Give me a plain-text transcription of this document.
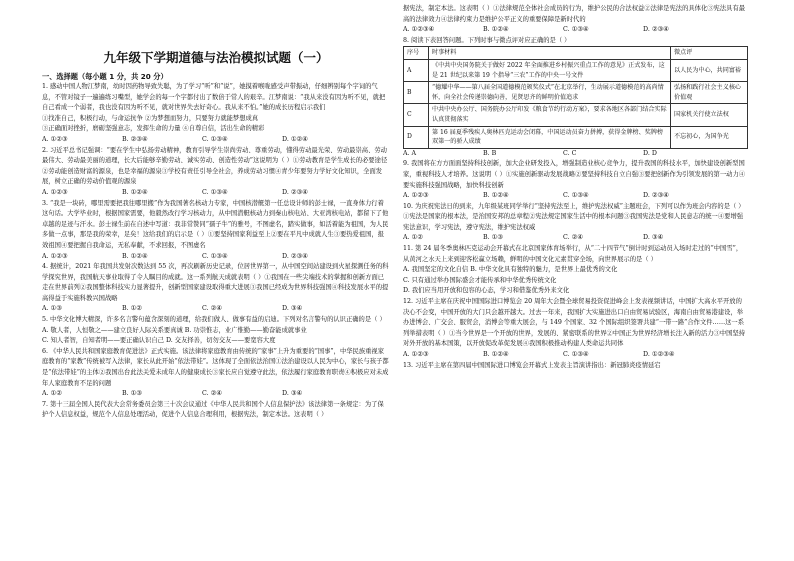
九年级下学期道德与法治模拟试题（一）
一、选择题（每小题 1 分，共 20 分）

1. 感动中国人物江梦南，幼时因药物导致失聪，为了学习“听”和“说”，她摸着喉咙感受声带振动，仔细辨别每个字词的气息，不管对镜子一遍遍练习嘴型，她学会的每一个字都付出了数倍于常人的艰辛。江梦南说：“我从来没有因为听不见，就把自己看成一个弱者，我也没有因为听不见，就对世界失去好奇心。我从来不怕。”她的成长历程启示我们

①找准自己，积极行动，与命运抗争 ②为梦想而努力，只要努力就能梦想成真

③正确面对挫折，磨砺坚强意志，发挥生命的力量 ④自尊自信，活出生命的精彩

A. ①②③	B. ②③④	C. ①③④	D. ①②④

2. 习近平总书记强调：“要在学生中弘扬劳动精神，教育引导学生崇尚劳动、尊重劳动，懂得劳动最光荣、劳动最崇高、劳动最伟大、劳动最美丽的道理，长大后能够辛勤劳动、诚实劳动、创造性劳动”这说明为（ ）①劳动教育是学生成长的必要途径②劳动能创造财富的源泉，也是幸福的源泉③学校有责任引导全社会，养成劳动习惯④青少年要努力学好文化知识，全面发展，树立正确的劳动价值观的源泉

A. ①②③	B. ①②④	C. ①③④	D. ②③④

3. “我是一块砖，哪里需要把我往哪里搬”作为我国著名核动力专家，中国核潜艇第一任总设计师的彭士禄，一直身体力行着这句话。大学毕业时，根据国家需要，他毅然改行学习核动力，从中国潜艇核动力到秦山核电站、大亚湾核电站，都留下了他卓越的足迹与汗水。彭士禄生前在自述中写道：我非常赞同“孺子牛”的雅号，不图虚名，踏实做事，如活着能为祖国，为人民多做一点事，那是我的荣幸，足矣！这给我们的启示是（ ）①要坚持国家利益至上②要在平凡中成就人生③要热爱祖国，报效祖国④要把握自我命运，无私奉献，不求回报，不图虚名

A. ①②③	B. ①②④	C. ①③④	D. ②③④

4. 据统计，2021 年我国共发射次数达到 55 次，再次刷新历史记录，位居世界第一，从中国空间站建设到火星探测任务的科学探究世界，我国航天事业取得了令人瞩目的成就。这一系列航天成就表明（ ）①我国在一些尖端技术的掌握和创新方面已走在世界前列②我国整体科技实力显著提升，创新型国家建设取得重大进展③我国已经成为世界科技强国④科技发展水平的提高得益于实施科教兴国战略

A. ①③	B. ①②	C. ②④	D. ③④

5. 中华文化博大精深，许多名言警句蕴含深刻的道理，给我们做人、做事有益的启迪。下列对名言警句的认识正确的是（ ）

A. 敬人者，人恒敬之——建立良好人际关系要真诚 B. 功崇惟志，业广惟勤——勤奋能成就事业

C. 知人者智，自知者明——要正确认识自己 D. 交友择善，切勿交友——要宽容大度

6. 《中华人民共和国家庭教育促进法》正式实施。该法律将家庭教育由传统的“家事”上升为重要的“国事”，中华民族重视家庭教育的“家教”传统被写入法律，家长从此开始“依法带娃”。这体现了全面依法治国①法治建设以人民为中心，家长与孩子都是“依法带娃”的主体②我国出台此法关爱未成年人的健康成长③家长应自觉遵守此法，依法履行家庭教育职责④积极应对未成年人家庭教育不足的问题

A. ①②	B. ①③	C. ②④	D. ③④

7. 第十三届全国人民代表大会常务委员会第三十次会议通过《中华人民共和国个人信息保护法》该法律第一条规定：为了保护个人信息权益，规范个人信息处理活动，促进个人信息合理利用，根据宪法，制定本法。这表明（ ）

据宪法，制定本法。这表明（ ）①法律规范全体社会成员的行为，维护公民的合法权益②法律是宪法的具体化③宪法具有最高的法律效力④法律约束力是维护公平正义的重要保障是新时代的

A. ①②③④	B. ①②④	C. ①③④	D. ②③④

8. 阅读下表回答问题。下列时事与微点评对应正确的是（ ）

序号	时事材料	微点评
A	《中共中央国务院关于做好 2022 年全面推进乡村振兴重点工作的意见》正式发布，这是 21 世纪以来第 19 个指导“三农”工作的中央一号文件	以人民为中心，共同富裕
B	“德耀中华——第八届全国道德模范颁奖仪式”在北京举行，生动展示道德模范的高尚情怀，向全社会传递崇德向善，见贤思齐的鲜明价值追求	弘扬和践行社会主义核心价值观
C	中共中央办公厅、国务院办公厅印发《粮食节约行动方案》，要求各地区各部门结合实际认真贯彻落实	国家机关行使立法权
D	第 16 届夏季残疾人奥林匹克运动会闭幕，中国运动员奋力拼搏，获得金牌榜、奖牌榜双第一的骄人成绩	不忘初心，为国争光

A. A	B. B	C. C	D. D

9. 我国将在方方面面坚持科技创新，加大企业研发投入，增强制造业核心竞争力，提升我国的科技水平，加快建设创新型国家，重视科技人才培养。这说明（ ）①实施创新驱动发展战略②要坚持科技自立自强③要把创新作为引领发展的第一动力④要实施科技强国战略，加快科技创新

A. ①②③	B. ①②④	C. ①③④	D. ②③④

10. 为庆祝宪法日的到来，九年级某班同学举行“坚持宪法至上，维护宪法权威”主题班会，下列可以作为班会内容的是（ ）①宪法是国家的根本法，是治国安邦的总章程②宪法规定国家生活中的根本问题③我国宪法是党和人民意志的统一④要增强宪法意识，学习宪法，遵守宪法，维护宪法权威

A. ①②	B. ①③	C. ②④	D. ③④

11. 第 24 届冬季奥林匹克运动会开幕式在北京国家体育场举行，从“二十四节气”倒计时到运动员入场时走过的“中国雪”，从黄河之水天上来到迎客松赢立场赖，鲜明的中国文化元素贯穿全场，向世界展示的是（ ）

A. 我国坚定的文化自信 B. 中华文化具有独特的魅力，是世界上最优秀的文化

C. 只有通过举办国际盛会才能传承和中华优秀传统文化

D. 我们应当用开放和包容的心态，学习和借鉴优秀外来文化

12. 习近平主席在庆祝中国国际进口博览会 20 周年大会暨全球贸易投资促进峰会上发表视频讲话，中国扩大高水平开放的决心不会变，中国开放的大门只会越开越大。过去一年来，我国扩大实施进出口自由贸易试验区，海南自由贸易港建设，举办进博会、广交会、服贸会，消博会等重大展会，与 149 个国家、32 个国际组织签署共建“一带一路”合作文件……这一系列举措表明（ ）①当今世界是一个开放的世界，发展的、紧密联系的世界②中国正为世界经济增长注入新的活力③中国坚持对外开放的基本国策，以开放促改革促发展④我国积极推动构建人类命运共同体

A. ①②③	B. ①②④	C. ①③④	D. ①②③④

13. 习近平主席在第四届中国国际进口博览会开幕式上发表主旨演讲指出：新冠肺炎疫情延宕
